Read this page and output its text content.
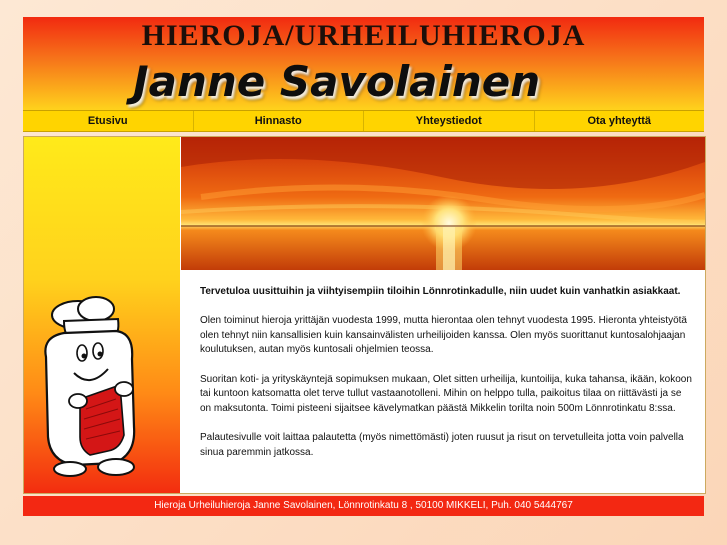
HIEROJA/URHEILUHIEROJA
Janne Savolainen
Etusivu	Hinnasto	Yhteystiedot	Ota yhteyttä

Tervetuloa uusittuihin ja viihtyisempiin tiloihin Lönnrotinkadulle, niin uudet kuin vanhatkin asiakkaat.

Olen toiminut hieroja yrittäjän vuodesta 1999, mutta hierontaa olen tehnyt vuodesta 1995. Hieronta yhteistyötä olen tehnyt niin kansallisien kuin kansainvälisten urheilijoiden kanssa. Olen myös suorittanut kuntosalohjaajan koulutuksen, autan myös kuntosali ohjelmien teossa.

Suoritan koti- ja yrityskäyntejä sopimuksen mukaan, Olet sitten urheilija, kuntoilija, kuka tahansa, ikään, kokoon tai kuntoon katsomatta olet terve tullut vastaanotolleni. Mihin on helppo tulla, paikoitus tilaa on riittävästi ja se on maksutonta. Toimi pisteeni sijaitsee kävelymatkan päästä Mikkelin torilta noin 500m Lönnrotinkatu 8:ssa.

Palautesivulle voit laittaa palautetta (myös nimettömästi) joten ruusut ja risut on tervetulleita jotta voin palvella sinua paremmin jatkossa.

Hieroja Urheiluhieroja Janne Savolainen, Lönnrotinkatu 8 , 50100 MIKKELI, Puh. 040 5444767
